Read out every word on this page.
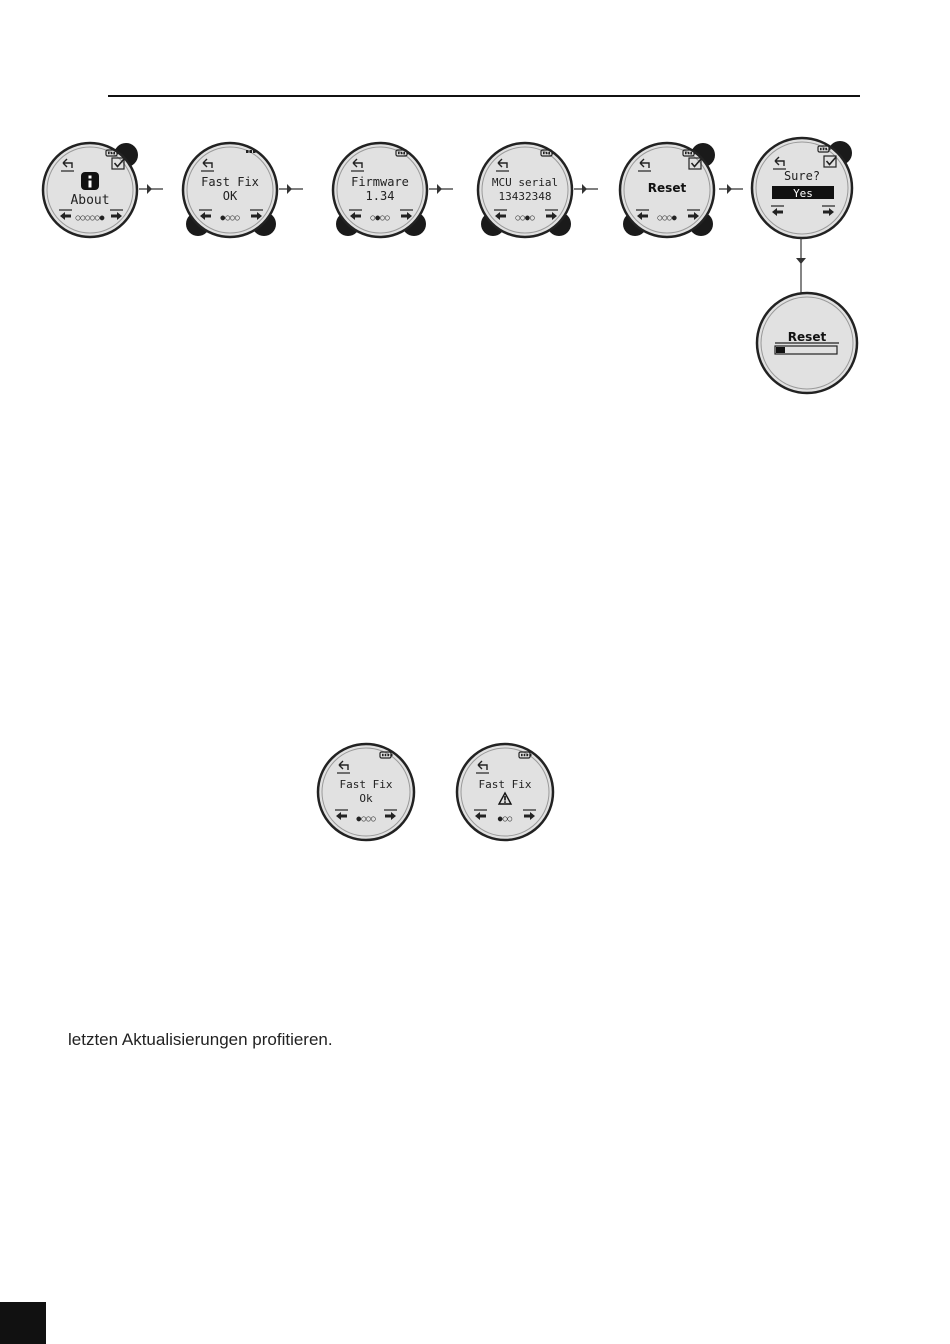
About
○○○○○●
Fast Fix
OK
●○○○
Firmware
1.34
○●○○
MCU serial
13432348
○○●○
Reset
○○○●
Sure?
Yes
Reset
Fast Fix
Ok
●○○○
Fast Fix
●○○
letzten Aktualisierungen profitieren.
